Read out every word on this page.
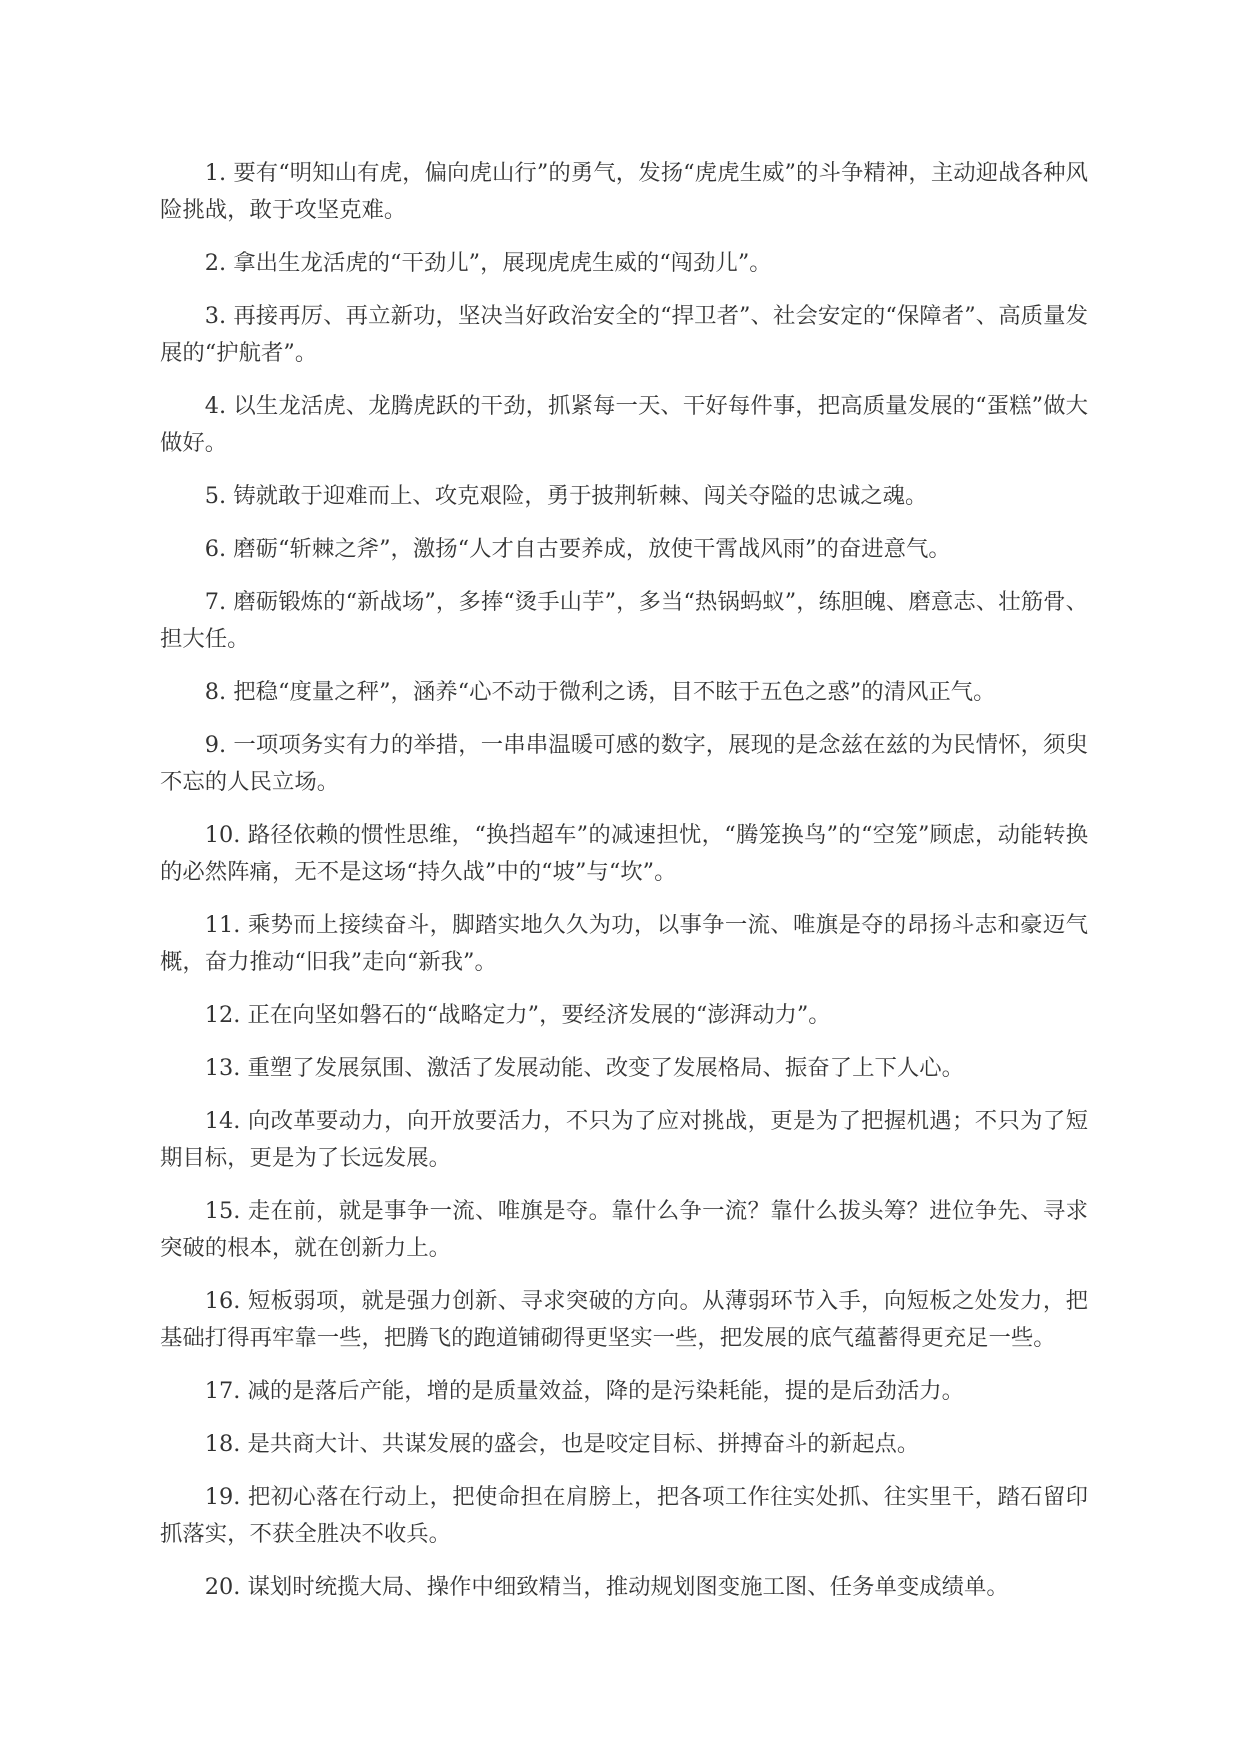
1. 要有“明知山有虎，偏向虎山行”的勇气，发扬“虎虎生威”的斗争精神，主动迎战各种风险挑战，敢于攻坚克难。

2. 拿出生龙活虎的“干劲儿”，展现虎虎生威的“闯劲儿”。

3. 再接再厉、再立新功，坚决当好政治安全的“捍卫者”、社会安定的“保障者”、高质量发展的“护航者”。

4. 以生龙活虎、龙腾虎跃的干劲，抓紧每一天、干好每件事，把高质量发展的“蛋糕”做大做好。

5. 铸就敢于迎难而上、攻克艰险，勇于披荆斩棘、闯关夺隘的忠诚之魂。

6. 磨砺“斩棘之斧”，激扬“人才自古要养成，放使干霄战风雨”的奋进意气。

7. 磨砺锻炼的“新战场”，多捧“烫手山芋”，多当“热锅蚂蚁”，练胆魄、磨意志、壮筋骨、担大任。

8. 把稳“度量之秤”，涵养“心不动于微利之诱，目不眩于五色之惑”的清风正气。

9. 一项项务实有力的举措，一串串温暖可感的数字，展现的是念兹在兹的为民情怀，须臾不忘的人民立场。

10. 路径依赖的惯性思维，“换挡超车”的减速担忧，“腾笼换鸟”的“空笼”顾虑，动能转换的必然阵痛，无不是这场“持久战”中的“坡”与“坎”。

11. 乘势而上接续奋斗，脚踏实地久久为功，以事争一流、唯旗是夺的昂扬斗志和豪迈气概，奋力推动“旧我”走向“新我”。

12. 正在向坚如磐石的“战略定力”，要经济发展的“澎湃动力”。

13. 重塑了发展氛围、激活了发展动能、改变了发展格局、振奋了上下人心。

14. 向改革要动力，向开放要活力，不只为了应对挑战，更是为了把握机遇；不只为了短期目标，更是为了长远发展。

15. 走在前，就是事争一流、唯旗是夺。靠什么争一流？靠什么拔头筹？进位争先、寻求突破的根本，就在创新力上。

16. 短板弱项，就是强力创新、寻求突破的方向。从薄弱环节入手，向短板之处发力，把基础打得再牢靠一些，把腾飞的跑道铺砌得更坚实一些，把发展的底气蕴蓄得更充足一些。

17. 减的是落后产能，增的是质量效益，降的是污染耗能，提的是后劲活力。

18. 是共商大计、共谋发展的盛会，也是咬定目标、拼搏奋斗的新起点。

19. 把初心落在行动上，把使命担在肩膀上，把各项工作往实处抓、往实里干，踏石留印抓落实，不获全胜决不收兵。

20. 谋划时统揽大局、操作中细致精当，推动规划图变施工图、任务单变成绩单。
